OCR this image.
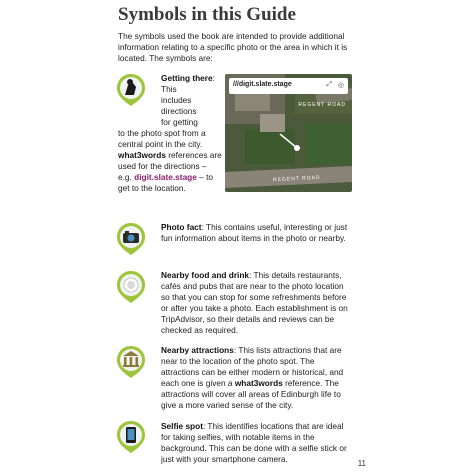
Symbols in this Guide

The symbols used the book are intended to provide additional information relating to a specific photo or the area in which it is located. The symbols are:

Getting there: This

includes

directions

for getting

to the photo spot from a central point in the city. what3words references are used for the directions – e.g. digit.slate.stage – to get to the location.

///digit.slate.stage	⤢ ◎
REGENT ROAD
REGENT ROAD

Photo fact: This contains useful, interesting or just fun information about items in the photo or nearby.

Nearby food and drink: This details restaurants, cafés and pubs that are near to the photo location so that you can stop for some refreshments before or after you take a photo. Each establishment is on TripAdvisor, so their details and reviews can be checked as required.

Nearby attractions: This lists attractions that are near to the location of the photo spot. The attractions can be either modern or historical, and each one is given a what3words reference. The attractions will cover all areas of Edinburgh life to give a more varied sense of the city.

Selfie spot: This identifies locations that are ideal for taking selfies, with notable items in the background. This can be done with a selfie stick or just with your smartphone camera.	11
